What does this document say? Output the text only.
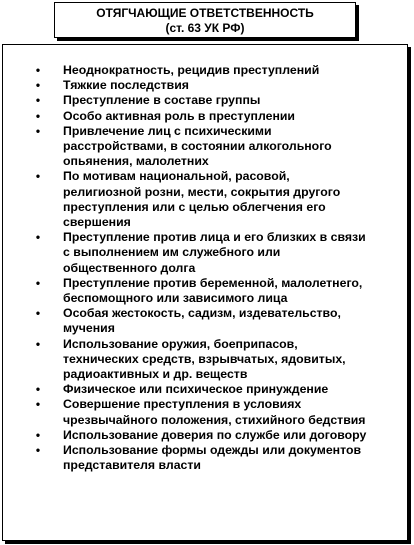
ОТЯГЧАЮЩИЕ ОТВЕТСТВЕННОСТЬ
(ст. 63 УК РФ)
• Неоднократность, рецидив преступлений
• Тяжкие последствия
• Преступление в составе группы
• Особо активная роль в преступлении
• Привлечение лиц с психическими
расстройствами, в состоянии алкогольного
опьянения, малолетних
• По мотивам национальной, расовой,
религиозной розни, мести, сокрытия другого
преступления или с целью облегчения его
свершения
• Преступление против лица и его близких в связи
с выполнением им служебного или
общественного долга
• Преступление против беременной, малолетнего,
беспомощного или зависимого лица
• Особая жестокость, садизм, издевательство,
мучения
• Использование оружия, боеприпасов,
технических средств, взрывчатых, ядовитых,
радиоактивных и др. веществ
• Физическое или психическое принуждение
• Совершение преступления в условиях
чрезвычайного положения, стихийного бедствия
• Использование доверия по службе или договору
• Использование формы одежды или документов
представителя власти
